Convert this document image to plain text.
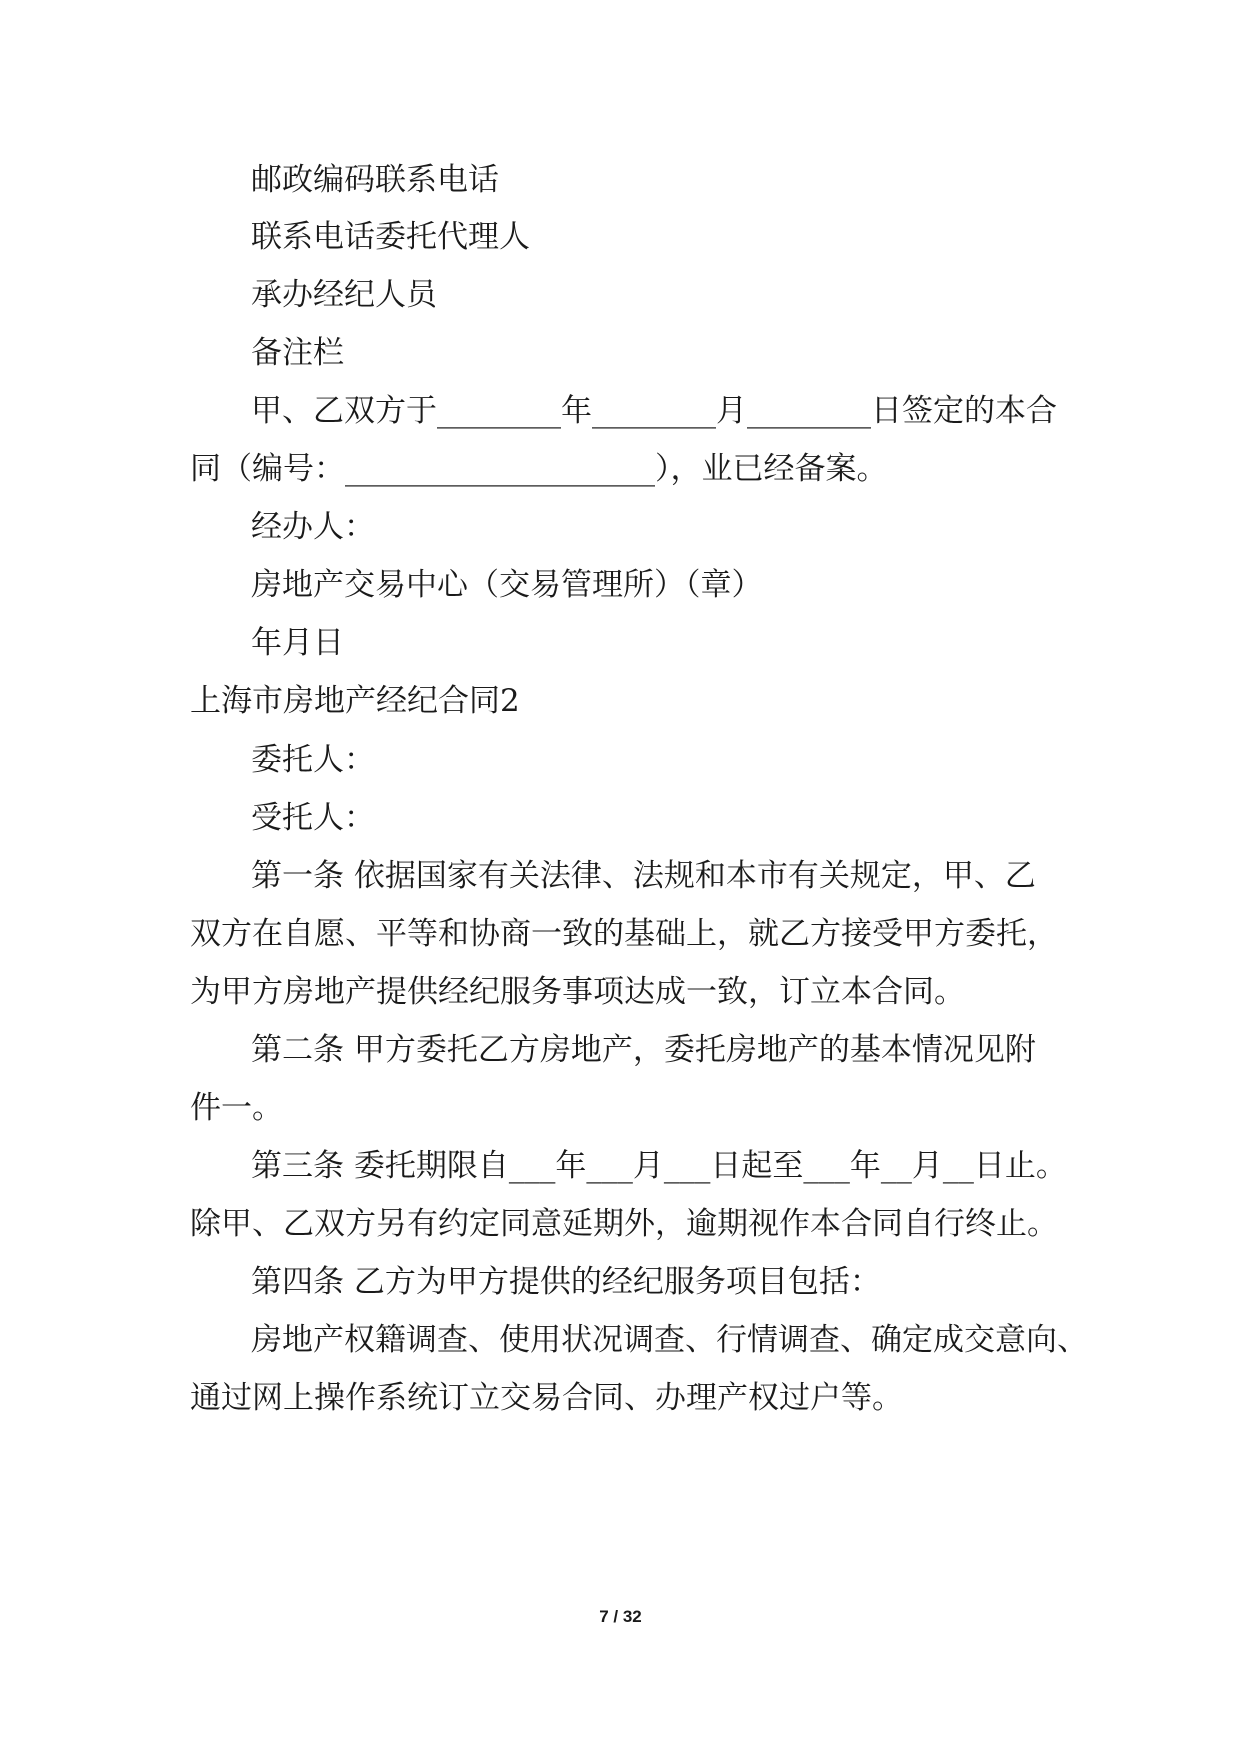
邮政编码联系电话
联系电话委托代理人
承办经纪人员
备注栏
甲、乙双方于________年________月________日签定的本合
同（编号：____________________），业已经备案。
经办人：
房地产交易中心（交易管理所）（章）
年月日
上海市房地产经纪合同2
委托人：
受托人：
第一条 依据国家有关法律、法规和本市有关规定，甲、乙
双方在自愿、平等和协商一致的基础上，就乙方接受甲方委托，
为甲方房地产提供经纪服务事项达成一致，订立本合同。
第二条 甲方委托乙方房地产，委托房地产的基本情况见附
件一。
第三条 委托期限自___年___月___日起至___年__月__日止。
除甲、乙双方另有约定同意延期外，逾期视作本合同自行终止。
第四条 乙方为甲方提供的经纪服务项目包括：
房地产权籍调查、使用状况调查、行情调查、确定成交意向、
通过网上操作系统订立交易合同、办理产权过户等。
7 / 32
